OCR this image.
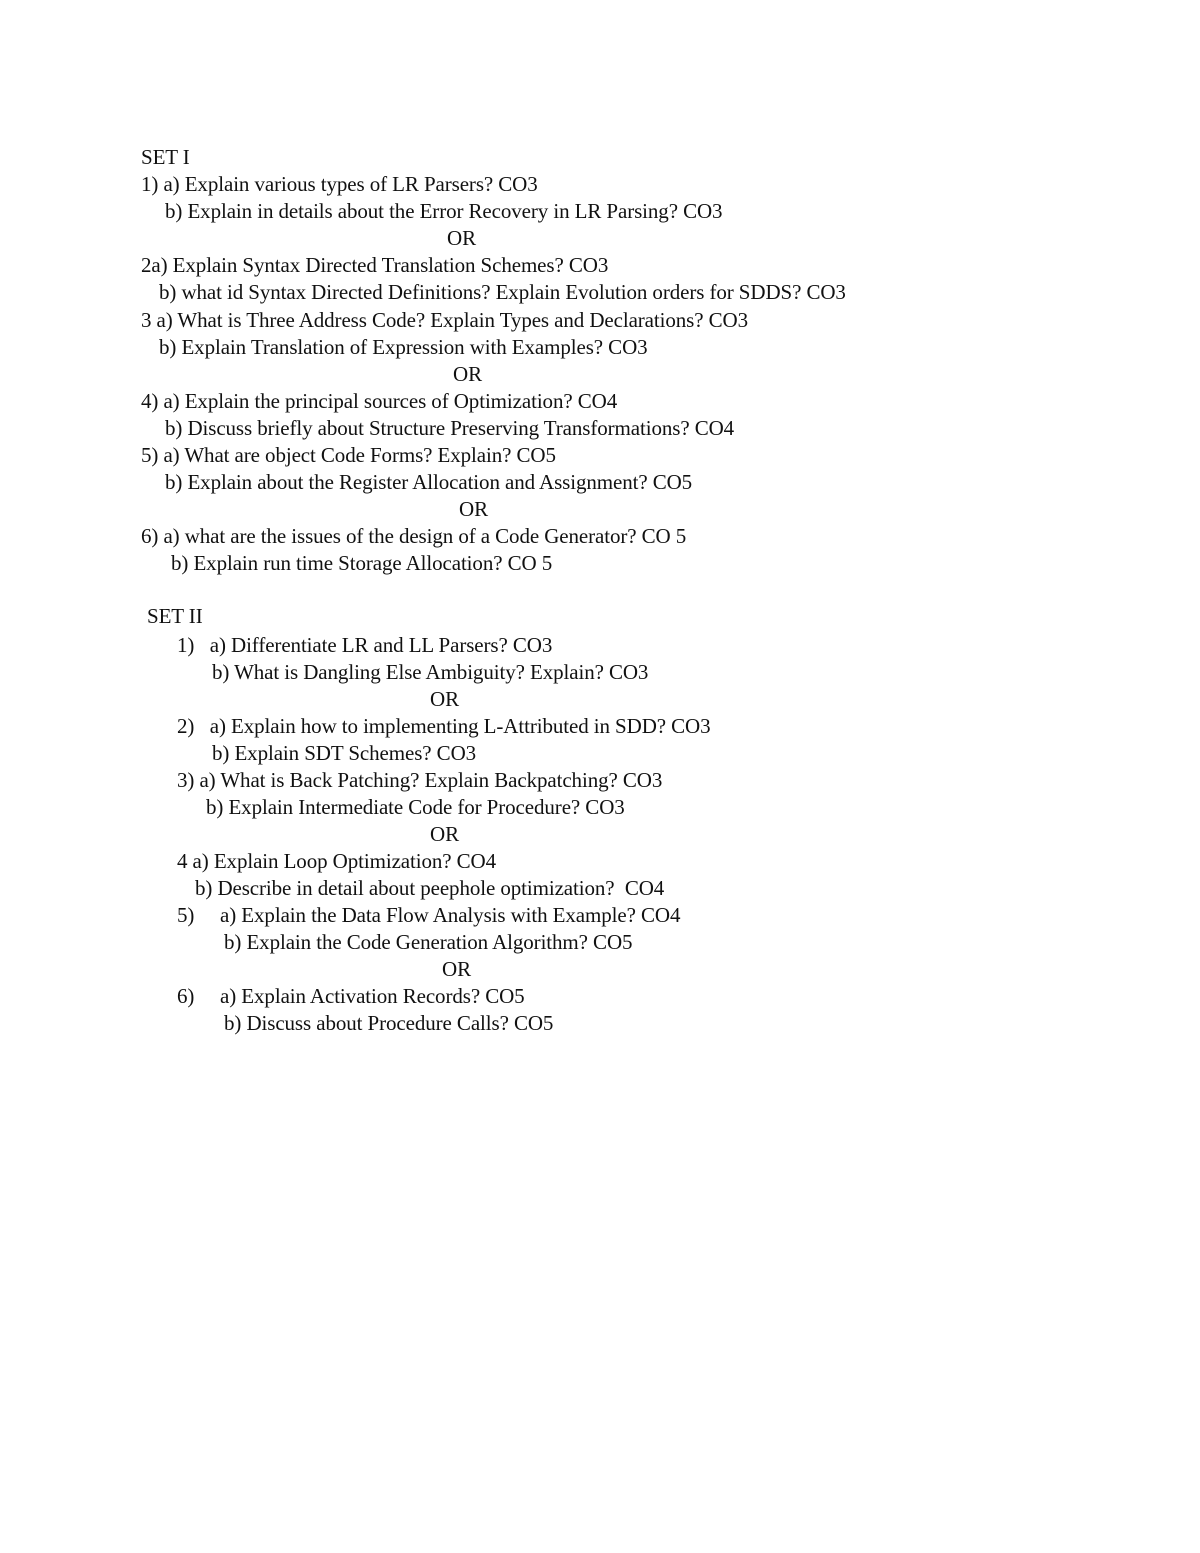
SET I
1) a) Explain various types of LR Parsers? CO3
b) Explain in details about the Error Recovery in LR Parsing? CO3
OR
2a) Explain Syntax Directed Translation Schemes? CO3
b) what id Syntax Directed Definitions? Explain Evolution orders for SDDS? CO3
3 a) What is Three Address Code? Explain Types and Declarations? CO3
b) Explain Translation of Expression with Examples? CO3
OR
4) a) Explain the principal sources of Optimization? CO4
b) Discuss briefly about Structure Preserving Transformations? CO4
5) a) What are object Code Forms? Explain? CO5
b) Explain about the Register Allocation and Assignment? CO5
OR
6) a) what are the issues of the design of a Code Generator? CO 5
b) Explain run time Storage Allocation? CO 5
SET II
1)   a) Differentiate LR and LL Parsers? CO3
b) What is Dangling Else Ambiguity? Explain? CO3
OR
2)   a) Explain how to implementing L-Attributed in SDD? CO3
b) Explain SDT Schemes? CO3
3) a) What is Back Patching? Explain Backpatching? CO3
b) Explain Intermediate Code for Procedure? CO3
OR
4 a) Explain Loop Optimization? CO4
b) Describe in detail about peephole optimization?  CO4
5)     a) Explain the Data Flow Analysis with Example? CO4
b) Explain the Code Generation Algorithm? CO5
OR
6)     a) Explain Activation Records? CO5
b) Discuss about Procedure Calls? CO5
